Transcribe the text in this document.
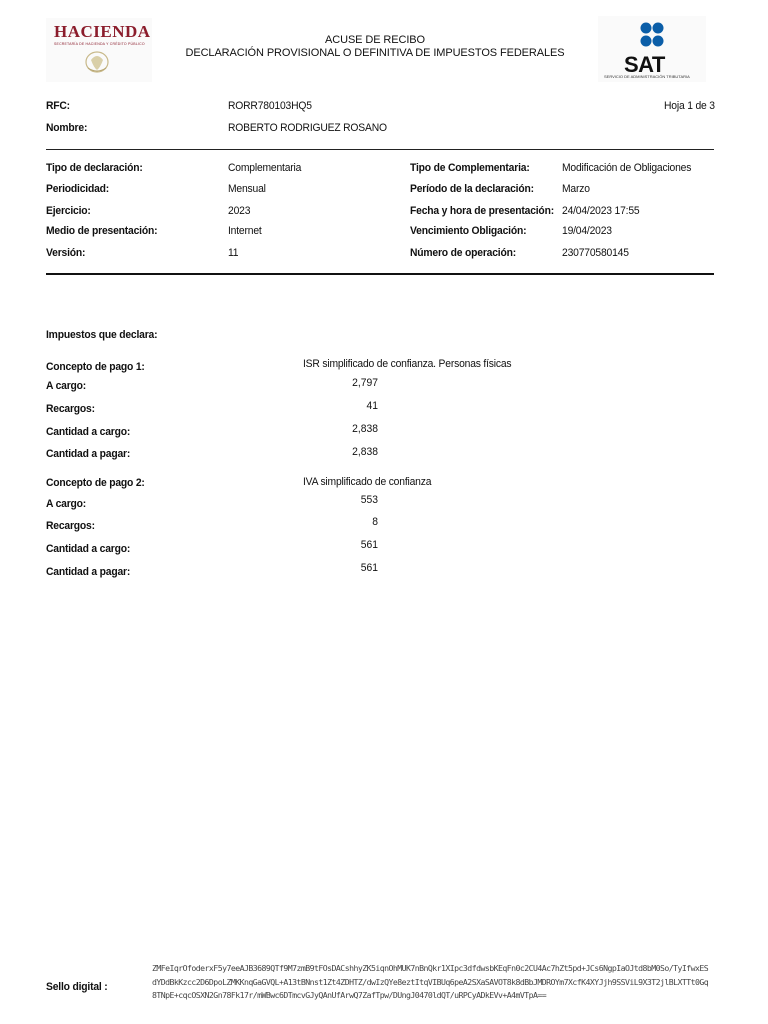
HACIENDA
SECRETARÍA DE HACIENDA Y CRÉDITO PÚBLICO	ACUSE DE RECIBO
DECLARACIÓN PROVISIONAL O DEFINITIVA DE IMPUESTOS FEDERALES	SAT
SERVICIO DE ADMINISTRACIÓN TRIBUTARIA
RFC:	RORR780103HQ5	Hoja 1 de 3
Nombre:	ROBERTO RODRIGUEZ ROSANO
Tipo de declaración:	Complementaria	Tipo de Complementaria:	Modificación de Obligaciones
Periodicidad:	Mensual	Período de la declaración:	Marzo
Ejercicio:	2023	Fecha y hora de presentación: 24/04/2023 17:55
Medio de presentación:	Internet	Vencimiento Obligación:	19/04/2023
Versión:	11	Número de operación:	230770580145
Impuestos que declara:
Concepto de pago 1:	ISR simplificado de confianza. Personas físicas
A cargo:	2,797
Recargos:	41
Cantidad a cargo:	2,838
Cantidad a pagar:	2,838
Concepto de pago 2:	IVA simplificado de confianza
A cargo:	553
Recargos:	8
Cantidad a cargo:	561
Cantidad a pagar:	561
Sello digital :
ZMFeIqrOfoderxF5y7eeAJB3689QTf9M7zmB9tFOsDACshhyZK5iqnOhMUK7nBnQkr1XIpc3dfdwsbKEqFn0c2CU4Ac7hZt5pd+JCs6NgpIaOJtd8bM0So/TyIfwxESdYDdBkKzcc2D6DpoLZMKKnqGaGVQL+A13tBNnst1Zt4ZDHTZ/dwIzQYe8eztItqVIBUq6peA2SXaSAVOT8k8dBbJMDROYm7XcfK4XYJjh9SSViL9X3T2jlBLXTTt0Gq8TNpE+cqcOSXN2Gn78Fk17r/mWBwc6DTmcvGJyQAnUfArwQ7ZafTpw/DUngJ0470ldQT/uRPCyADkEVv+A4mVTpA==
